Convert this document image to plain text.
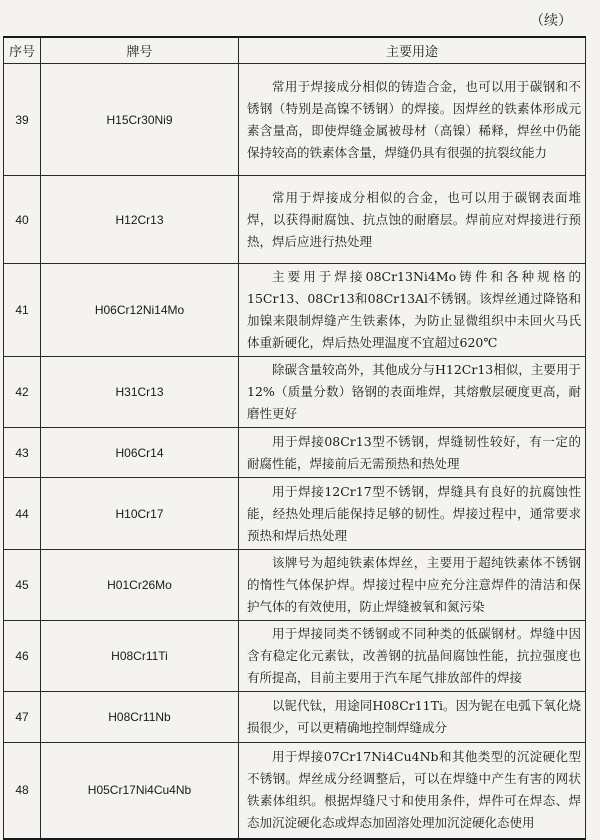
（续）
序号	牌号	主要用途
39	H15Cr30Ni9	常用于焊接成分相似的铸造合金，也可以用于碳钢和不锈钢（特别是高镍不锈钢）的焊接。因焊丝的铁素体形成元素含量高，即使焊缝金属被母材（高镍）稀释，焊丝中仍能保持较高的铁素体含量，焊缝仍具有很强的抗裂纹能力

40	H12Cr13	常用于焊接成分相似的合金，也可以用于碳钢表面堆焊，以获得耐腐蚀、抗点蚀的耐磨层。焊前应对焊接进行预热，焊后应进行热处理

41	H06Cr12Ni14Mo	主要用于焊接08Cr13Ni4Mo铸件和各种规格的15Cr13、08Cr13和08Cr13Al不锈钢。该焊丝通过降铬和加镍来限制焊缝产生铁素体，为防止显微组织中未回火马氏体重新硬化，焊后热处理温度不宜超过620℃

42	H31Cr13	除碳含量较高外，其他成分与H12Cr13相似，主要用于12%（质量分数）铬钢的表面堆焊，其熔敷层硬度更高，耐磨性更好

43	H06Cr14	用于焊接08Cr13型不锈钢，焊缝韧性较好，有一定的耐腐性能，焊接前后无需预热和热处理

44	H10Cr17	用于焊接12Cr17型不锈钢，焊缝具有良好的抗腐蚀性能，经热处理后能保持足够的韧性。焊接过程中，通常要求预热和焊后热处理

45	H01Cr26Mo	该牌号为超纯铁素体焊丝，主要用于超纯铁素体不锈钢的惰性气体保护焊。焊接过程中应充分注意焊件的清洁和保护气体的有效使用，防止焊缝被氧和氮污染

46	H08Cr11Ti	用于焊接同类不锈钢或不同种类的低碳钢材。焊缝中因含有稳定化元素钛，改善钢的抗晶间腐蚀性能，抗拉强度也有所提高，目前主要用于汽车尾气排放部件的焊接

47	H08Cr11Nb	以铌代钛，用途同H08Cr11Ti。因为铌在电弧下氧化烧损很少，可以更精确地控制焊缝成分

48	H05Cr17Ni4Cu4Nb	用于焊接07Cr17Ni4Cu4Nb和其他类型的沉淀硬化型不锈钢。焊丝成分经调整后，可以在焊缝中产生有害的网状铁素体组织。根据焊缝尺寸和使用条件，焊件可在焊态、焊态加沉淀硬化态或焊态加固溶处理加沉淀硬化态使用
